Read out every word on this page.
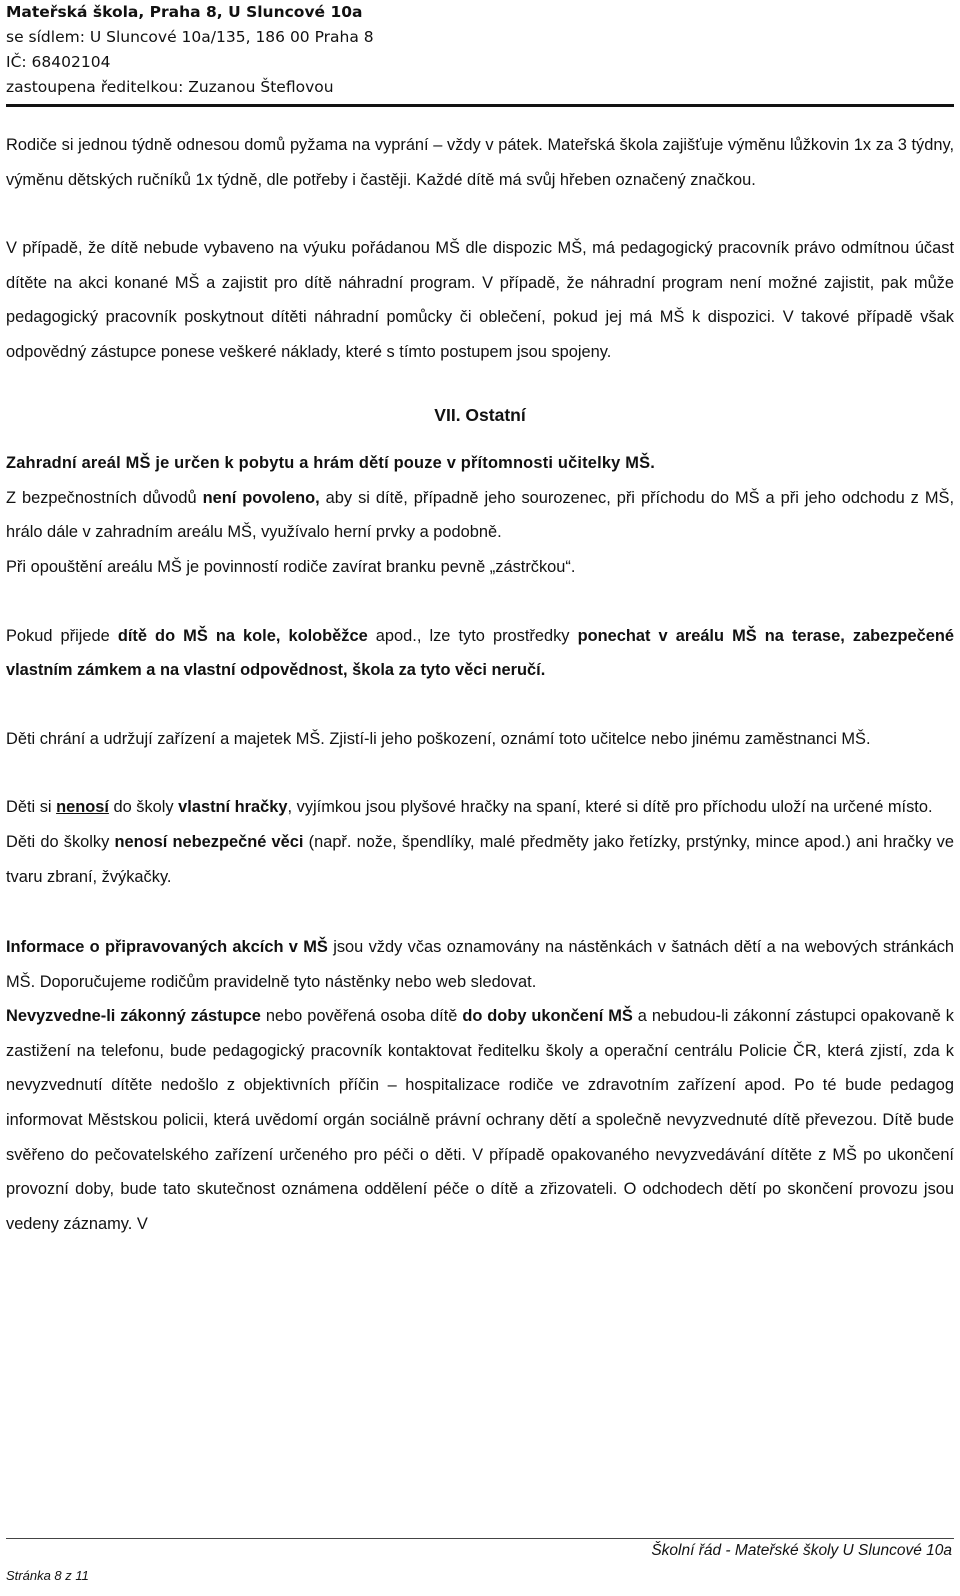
Mateřská škola, Praha 8, U Sluncové 10a
se sídlem: U Sluncové 10a/135, 186 00 Praha 8
IČ: 68402104
zastoupena ředitelkou: Zuzanou Šteflovou

Rodiče si jednou týdně odnesou domů pyžama na vyprání – vždy v pátek. Mateřská škola zajišťuje výměnu lůžkovin 1x za 3 týdny, výměnu dětských ručníků 1x týdně, dle potřeby i častěji. Každé dítě má svůj hřeben označený značkou.

V případě, že dítě nebude vybaveno na výuku pořádanou MŠ dle dispozic MŠ, má pedagogický pracovník právo odmítnou účast dítěte na akci konané MŠ a zajistit pro dítě náhradní program. V případě, že náhradní program není možné zajistit, pak může pedagogický pracovník poskytnout dítěti náhradní pomůcky či oblečení, pokud jej má MŠ k dispozici. V takové případě však odpovědný zástupce ponese veškeré náklady, které s tímto postupem jsou spojeny.

VII. Ostatní

Zahradní areál MŠ je určen k pobytu a hrám dětí pouze v přítomnosti učitelky MŠ.

Z bezpečnostních důvodů není povoleno, aby si dítě, případně jeho sourozenec, při příchodu do MŠ a při jeho odchodu z MŠ, hrálo dále v zahradním areálu MŠ, využívalo herní prvky a podobně.

Při opouštění areálu MŠ je povinností rodiče zavírat branku pevně „zástrčkou“.

Pokud přijede dítě do MŠ na kole, koloběžce apod., lze tyto prostředky ponechat v areálu MŠ na terase, zabezpečené vlastním zámkem a na vlastní odpovědnost, škola za tyto věci neručí.

Děti chrání a udržují zařízení a majetek MŠ. Zjistí-li jeho poškození, oznámí toto učitelce nebo jinému zaměstnanci MŠ.

Děti si nenosí do školy vlastní hračky, vyjímkou jsou plyšové hračky na spaní, které si dítě pro příchodu uloží na určené místo.

Děti do školky nenosí nebezpečné věci (např. nože, špendlíky, malé předměty jako řetízky, prstýnky, mince apod.) ani hračky ve tvaru zbraní, žvýkačky.

Informace o připravovaných akcích v MŠ jsou vždy včas oznamovány na nástěnkách v šatnách dětí a na webových stránkách MŠ. Doporučujeme rodičům pravidelně tyto nástěnky nebo web sledovat.

Nevyzvedne-li zákonný zástupce nebo pověřená osoba dítě do doby ukončení MŠ a nebudou-li zákonní zástupci opakovaně k zastižení na telefonu, bude pedagogický pracovník kontaktovat ředitelku školy a operační centrálu Policie ČR, která zjistí, zda k nevyzvednutí dítěte nedošlo z objektivních příčin – hospitalizace rodiče ve zdravotním zařízení apod. Po té bude pedagog informovat Městskou policii, která uvědomí orgán sociálně právní ochrany dětí a společně nevyzvednuté dítě převezou. Dítě bude svěřeno do pečovatelského zařízení určeného pro péči o děti. V případě opakovaného nevyzvedávání dítěte z MŠ po ukončení provozní doby, bude tato skutečnost oznámena oddělení péče o dítě a zřizovateli. O odchodech dětí po skončení provozu jsou vedeny záznamy. V

Školní řád - Mateřské školy U Sluncové 10a
Stránka 8 z 11
